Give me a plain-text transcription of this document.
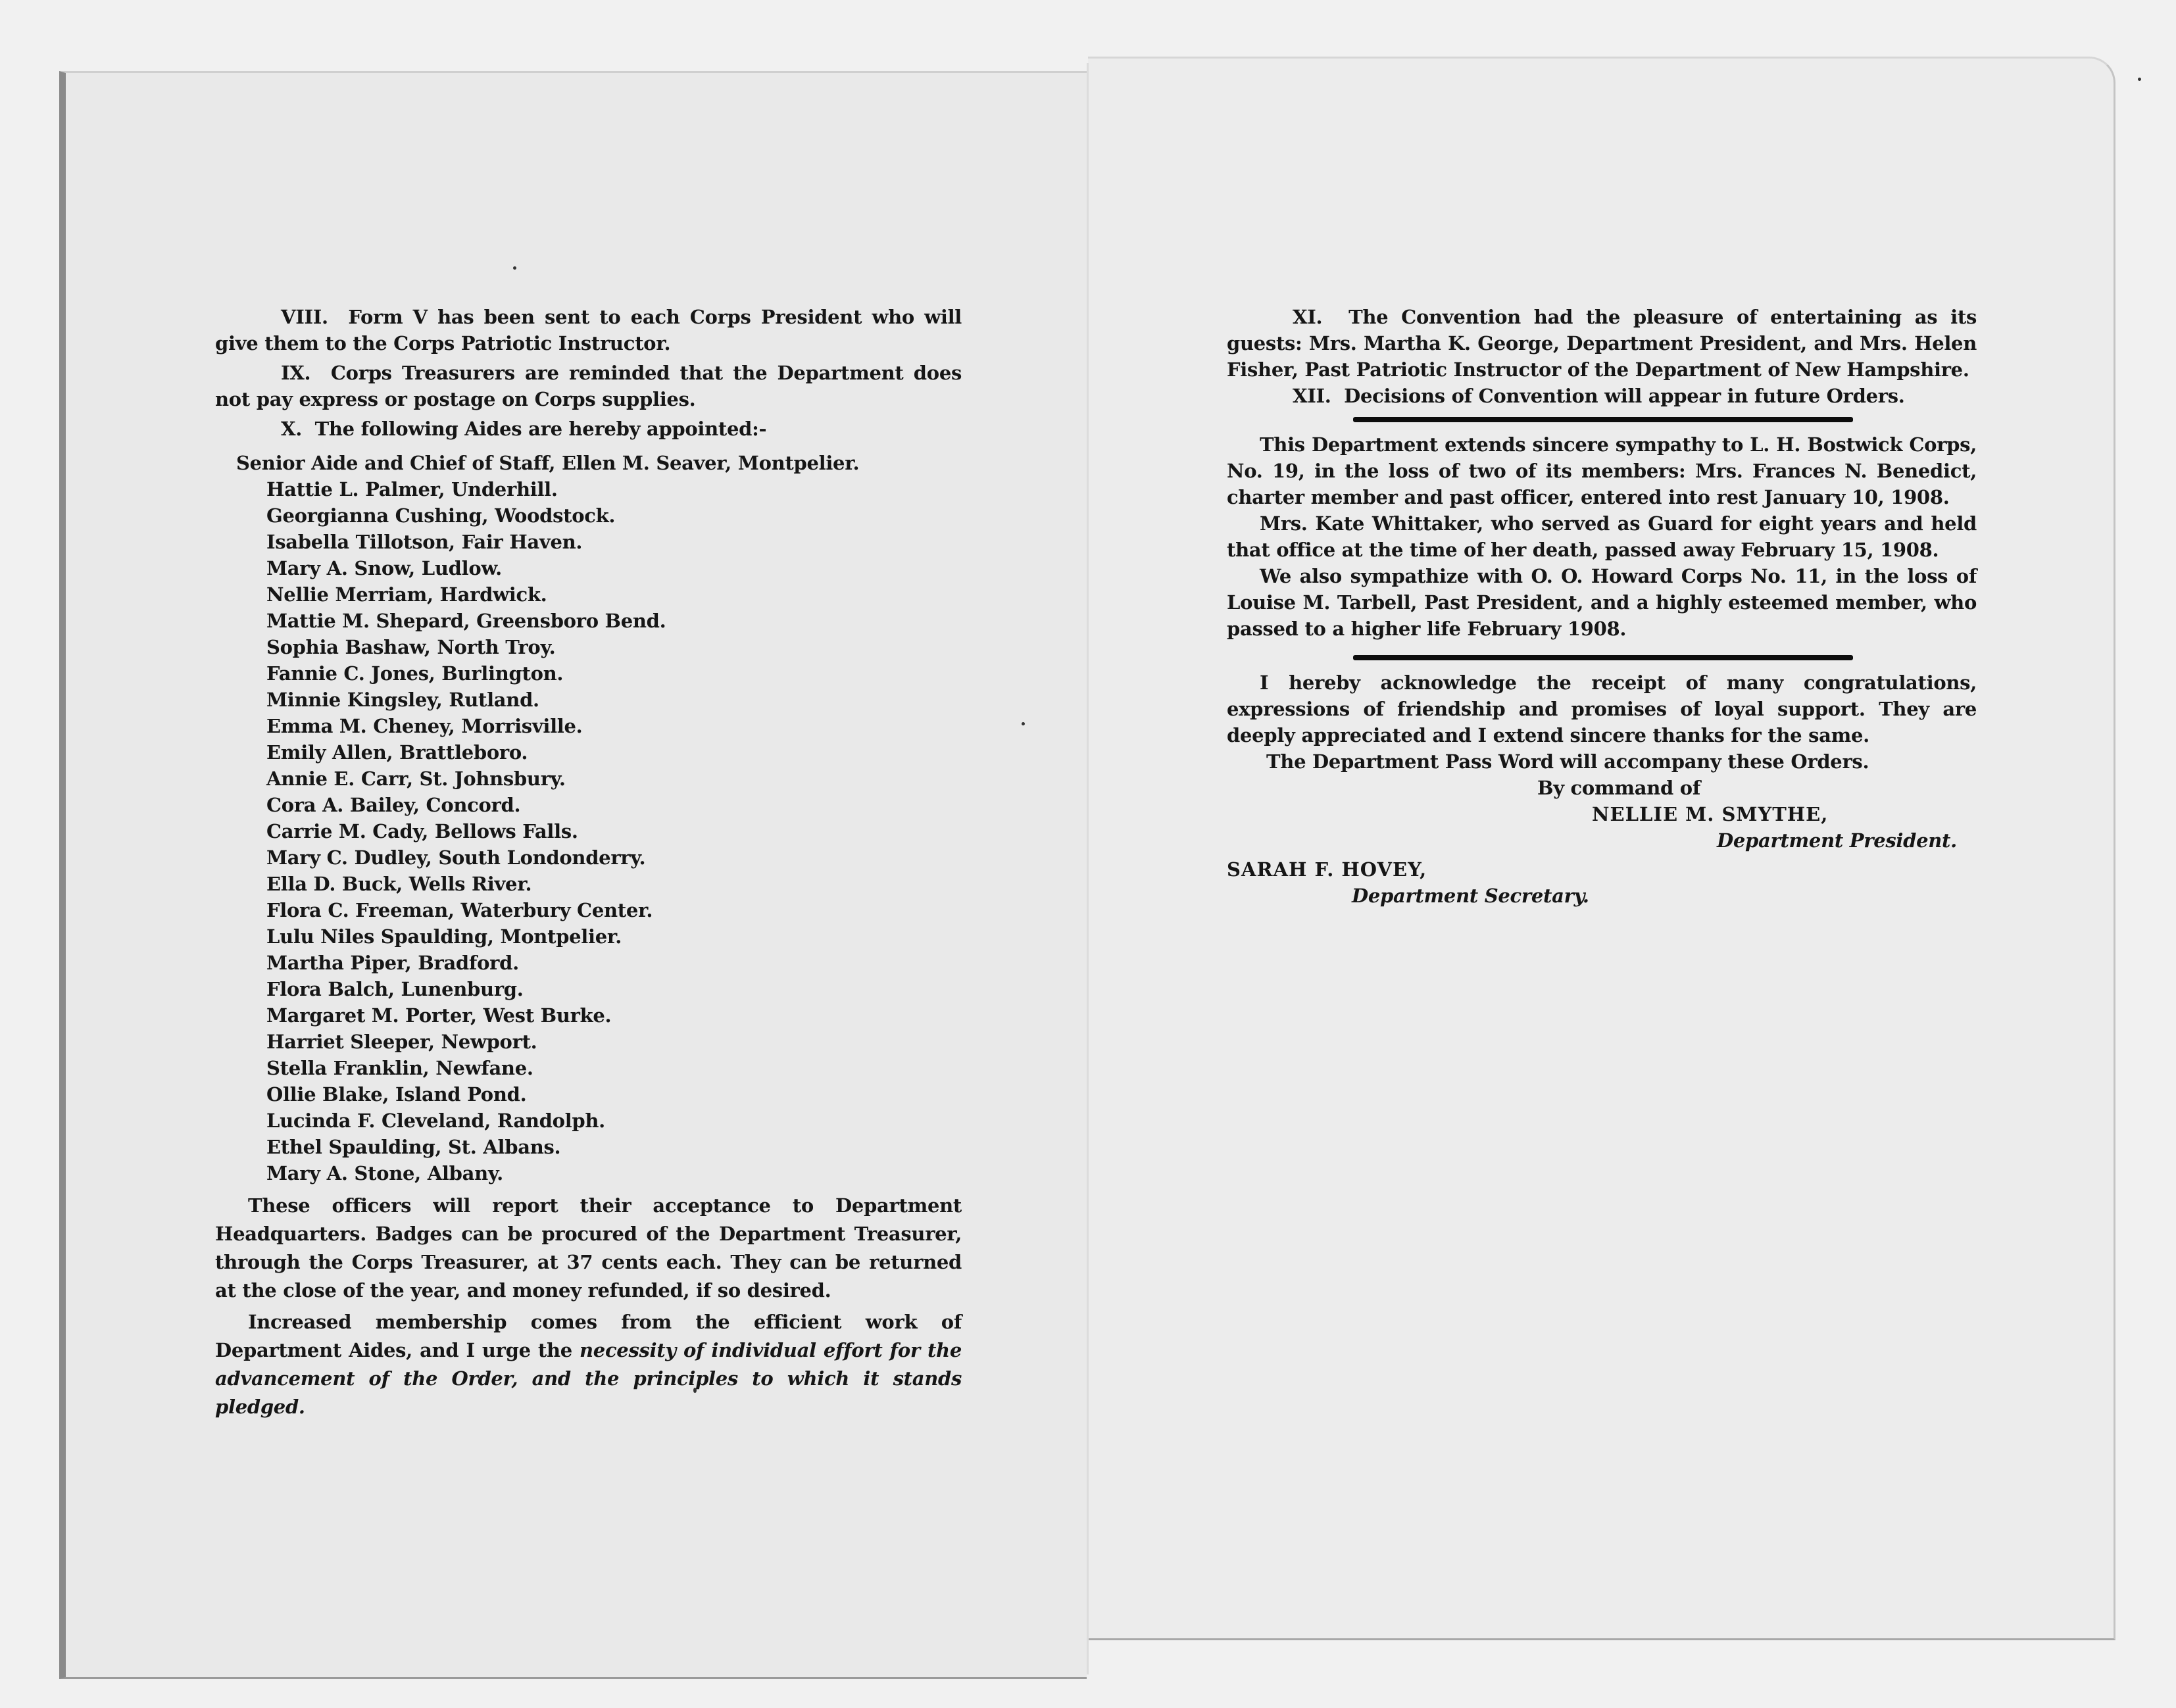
VIII. Form V has been sent to each Corps President who will give them to the Corps Patriotic Instructor.

IX. Corps Treasurers are reminded that the Department does not pay express or postage on Corps supplies.

X. The following Aides are hereby appointed:-

Senior Aide and Chief of Staff, Ellen M. Seaver, Montpelier.
Hattie L. Palmer, Underhill.
Georgianna Cushing, Woodstock.
Isabella Tillotson, Fair Haven.
Mary A. Snow, Ludlow.
Nellie Merriam, Hardwick.
Mattie M. Shepard, Greensboro Bend.
Sophia Bashaw, North Troy.
Fannie C. Jones, Burlington.
Minnie Kingsley, Rutland.
Emma M. Cheney, Morrisville.
Emily Allen, Brattleboro.
Annie E. Carr, St. Johnsbury.
Cora A. Bailey, Concord.
Carrie M. Cady, Bellows Falls.
Mary C. Dudley, South Londonderry.
Ella D. Buck, Wells River.
Flora C. Freeman, Waterbury Center.
Lulu Niles Spaulding, Montpelier.
Martha Piper, Bradford.
Flora Balch, Lunenburg.
Margaret M. Porter, West Burke.
Harriet Sleeper, Newport.
Stella Franklin, Newfane.
Ollie Blake, Island Pond.
Lucinda F. Cleveland, Randolph.
Ethel Spaulding, St. Albans.
Mary A. Stone, Albany.

These officers will report their acceptance to Department Headquarters. Badges can be procured of the Department Treasurer, through the Corps Treasurer, at 37 cents each. They can be returned at the close of the year, and money refunded, if so desired.

Increased membership comes from the efficient work of Department Aides, and I urge the necessity of individual effort for the advancement of the Order, and the principles to which it stands pledged.

XI. The Convention had the pleasure of entertaining as its guests: Mrs. Martha K. George, Department President, and Mrs. Helen Fisher, Past Patriotic Instructor of the Department of New Hampshire.

XII. Decisions of Convention will appear in future Orders.

This Department extends sincere sympathy to L. H. Bostwick Corps, No. 19, in the loss of two of its members: Mrs. Frances N. Benedict, charter member and past officer, entered into rest January 10, 1908.

Mrs. Kate Whittaker, who served as Guard for eight years and held that office at the time of her death, passed away February 15, 1908.

We also sympathize with O. O. Howard Corps No. 11, in the loss of Louise M. Tarbell, Past President, and a highly esteemed member, who passed to a higher life February 1908.

I hereby acknowledge the receipt of many congratulations, expressions of friendship and promises of loyal support. They are deeply appreciated and I extend sincere thanks for the same.

The Department Pass Word will accompany these Orders.
By command of
NELLIE M. SMYTHE,
Department President.
SARAH F. HOVEY,
Department Secretary.
